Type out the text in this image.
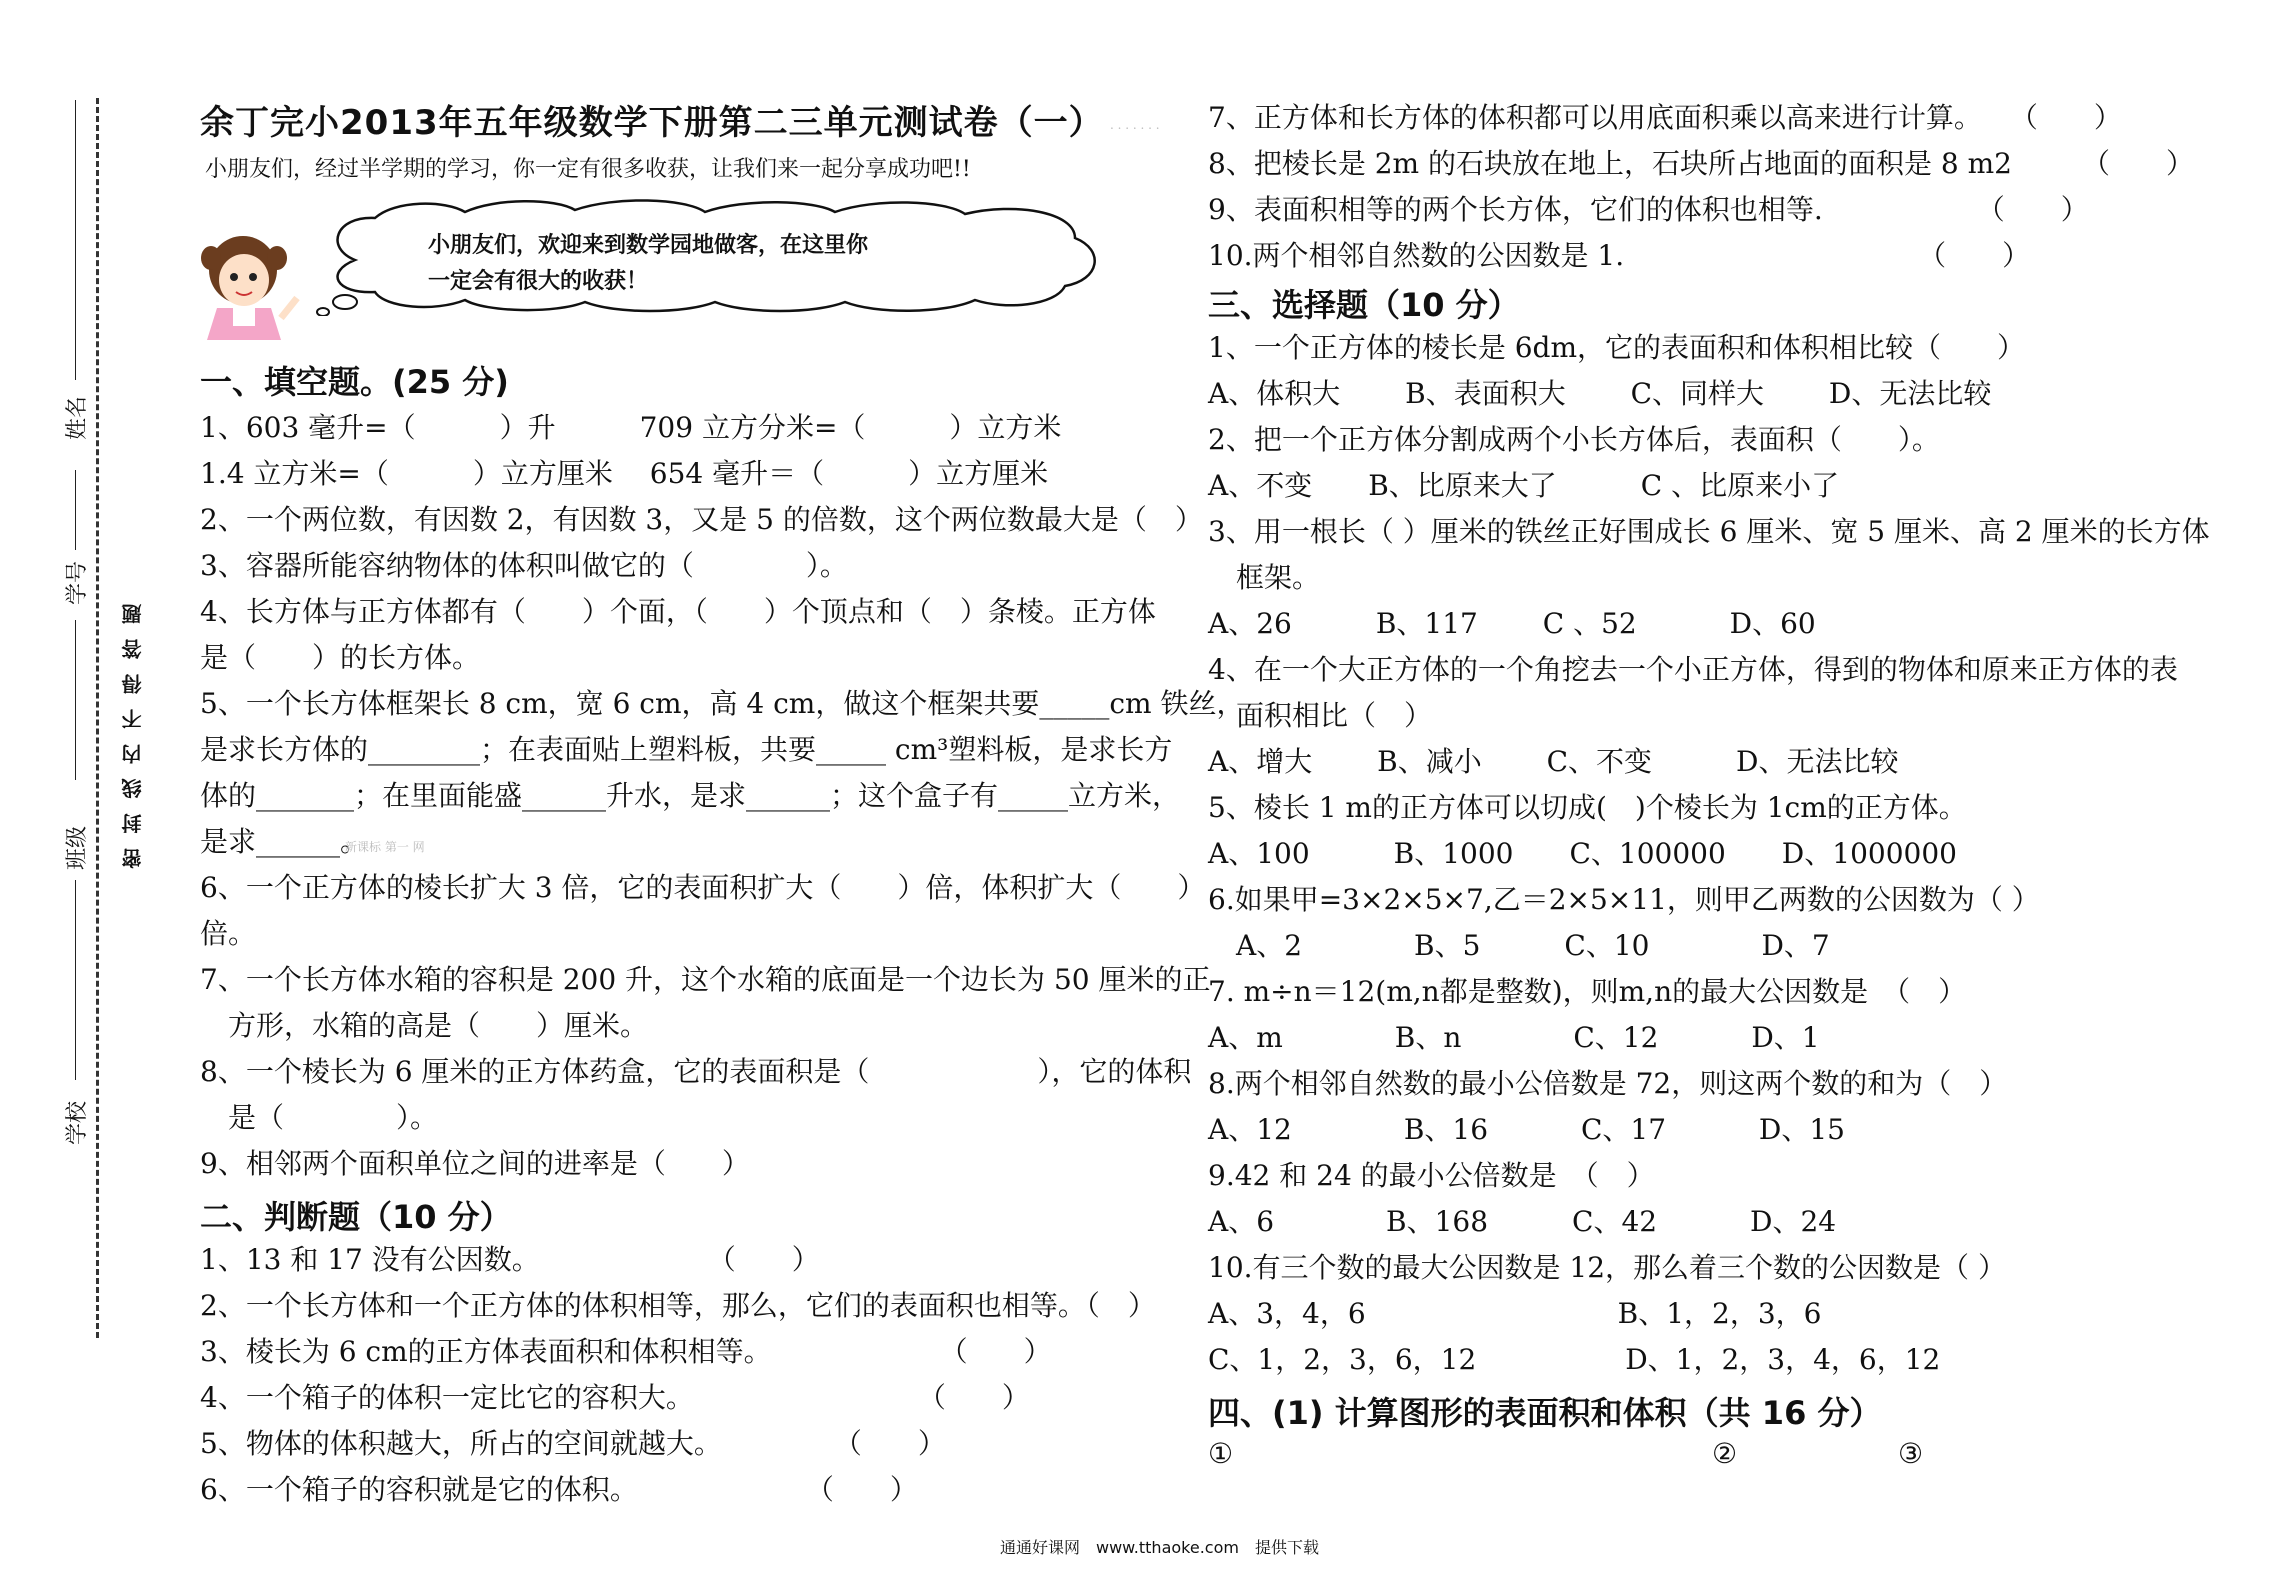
姓名
学号
班级
学校
密 封 线 内 不 得 答 题
余丁完小2013年五年级数学下册第二三单元测试卷（一） . . . . . . .
小朋友们，经过半学期的学习，你一定有很多收获，让我们来一起分享成功吧!!
小朋友们，欢迎来到数学园地做客，在这里你
一定会有很大的收获！
一、填空题。(25 分)
1、603 毫升=（　　　）升　　　709 立方分米=（　　　）立方米
1.4 立方米=（　　　）立方厘米　 654 毫升＝（　　　）立方厘米
2、一个两位数，有因数 2，有因数 3，又是 5 的倍数，这个两位数最大是（　）
3、容器所能容纳物体的体积叫做它的（　　　　）。
4、长方体与正方体都有（　　）个面，（　　）个顶点和（　）条棱。正方体
是（　　）的长方体。
5、一个长方体框架长 8 cm，宽 6 cm，高 4 cm，做这个框架共要_____cm 铁丝，
是求长方体的________；在表面贴上塑料板，共要_____ cm³塑料板，是求长方
体的_______；在里面能盛______升水，是求______；这个盒子有_____立方米，
是求______。
新课标 第一 网
6、一个正方体的棱长扩大 3 倍，它的表面积扩大（　　）倍，体积扩大（　　）
倍。
7、一个长方体水箱的容积是 200 升，这个水箱的底面是一个边长为 50 厘米的正
　方形，水箱的高是（　　）厘米。
8、一个棱长为 6 厘米的正方体药盒，它的表面积是（　　　　　　），它的体积
　是（　　　　）。
9、相邻两个面积单位之间的进率是（　　）
二、判断题（10 分）
1、13 和 17 没有公因数。　　　　　　　（　　）
2、一个长方体和一个正方体的体积相等，那么，它们的表面积也相等。（　）
3、棱长为 6 cm的正方体表面积和体积相等。　　　　　　　（　　）
4、一个箱子的体积一定比它的容积大。　　　　　　　　　（　　）
5、物体的体积越大，所占的空间就越大。　　　　　（　　）
6、一个箱子的容积就是它的体积。　　　　　　　（　　）
7、正方体和长方体的体积都可以用底面积乘以高来进行计算。　　（　　）
8、把棱长是 2m 的石块放在地上，石块所占地面的面积是 8 m2　　　（　　）
9、表面积相等的两个长方体，它们的体积也相等.　　　　　　（　　）
10.两个相邻自然数的公因数是 1.　　　　　　　　　　　（　　）
三、选择题（10 分）
1、一个正方体的棱长是 6dm，它的表面积和体积相比较（　　）
A、体积大　　 B、表面积大　　 C、同样大　　 D、无法比较
2、把一个正方体分割成两个小长方体后，表面积（　　）。
A、不变　　B、比原来大了　　　C 、比原来小了
3、用一根长（ ）厘米的铁丝正好围成长 6 厘米、宽 5 厘米、高 2 厘米的长方体
　框架。
A、26　　　B、117　　 C 、52　　　 D、60
4、在一个大正方体的一个角挖去一个小正方体，得到的物体和原来正方体的表
　面积相比（　）
A、增大　　 B、减小　　 C、不变　　　D、无法比较
5、棱长 1 m的正方体可以切成(　)个棱长为 1cm的正方体。
A、100　　　B、1000　　C、100000　　D、1000000
6.如果甲=3×2×5×7,乙＝2×5×11，则甲乙两数的公因数为（ ）
　A、2　　　　B、5　　　C、10　　　　D、7
7. m÷n＝12(m,n都是整数)，则m,n的最大公因数是　（　）
A、m　　　　B、n　　　　C、12　　　 D、1
8.两个相邻自然数的最小公倍数是 72，则这两个数的和为（　）
A、12　　　　B、16　　　 C、17　　　 D、15
9.42 和 24 的最小公倍数是　（　）
A、6　　　　B、168　　　C、42　　　 D、24
10.有三个数的最大公因数是 12，那么着三个数的公因数是（ ）
A、3，4，6　　　　　　　　　B、1，2，3，6
C、1，2，3，6，12　　　　　 D、1，2，3，4，6，12
四、(1) 计算图形的表面积和体积（共 16 分）
①	②	③
通通好课网　www.tthaoke.com　提供下载
